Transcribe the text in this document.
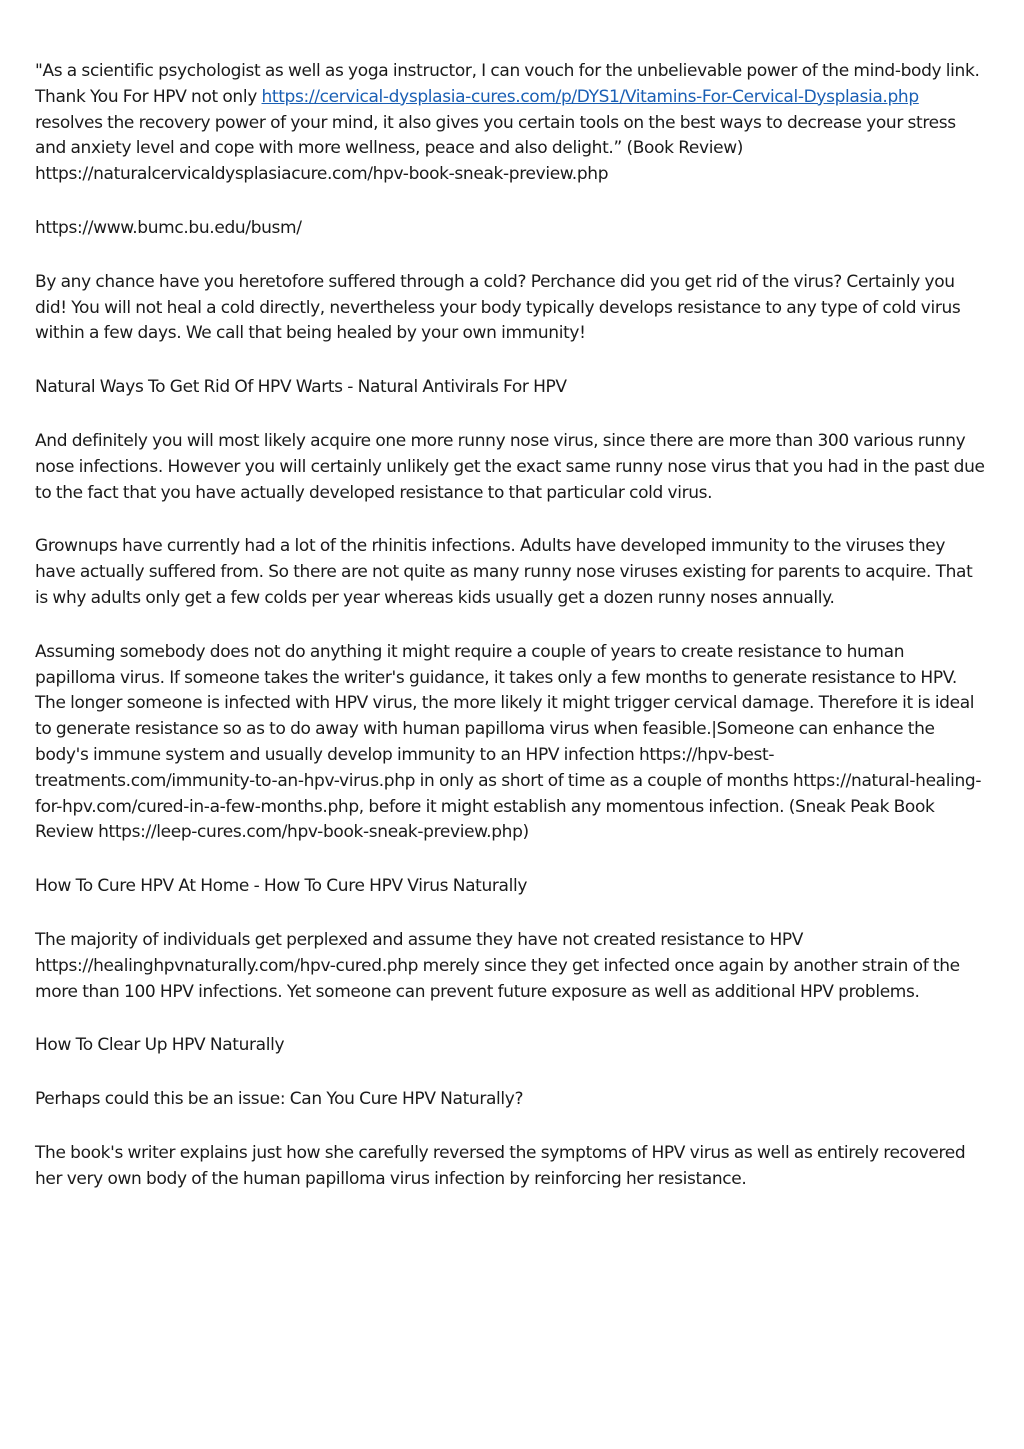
"As a scientific psychologist as well as yoga instructor, I can vouch for the unbelievable power of the mind-body link. Thank You For HPV not only https://cervical-dysplasia-cures.com/p/DYS1/Vitamins-For-Cervical-Dysplasia.php resolves the recovery power of your mind, it also gives you certain tools on the best ways to decrease your stress and anxiety level and cope with more wellness, peace and also delight.” (Book Review) https://naturalcervicaldysplasiacure.com/hpv-book-sneak-preview.php

https://www.bumc.bu.edu/busm/

By any chance have you heretofore suffered through a cold? Perchance did you get rid of the virus? Certainly you did! You will not heal a cold directly, nevertheless your body typically develops resistance to any type of cold virus within a few days. We call that being healed by your own immunity!

Natural Ways To Get Rid Of HPV Warts - Natural Antivirals For HPV

And definitely you will most likely acquire one more runny nose virus, since there are more than 300 various runny nose infections. However you will certainly unlikely get the exact same runny nose virus that you had in the past due to the fact that you have actually developed resistance to that particular cold virus.

Grownups have currently had a lot of the rhinitis infections. Adults have developed immunity to the viruses they have actually suffered from. So there are not quite as many runny nose viruses existing for parents to acquire. That is why adults only get a few colds per year whereas kids usually get a dozen runny noses annually.

Assuming somebody does not do anything it might require a couple of years to create resistance to human papilloma virus. If someone takes the writer's guidance, it takes only a few months to generate resistance to HPV. The longer someone is infected with HPV virus, the more likely it might trigger cervical damage. Therefore it is ideal to generate resistance so as to do away with human papilloma virus when feasible.|Someone can enhance the body's immune system and usually develop immunity to an HPV infection https://hpv-best-treatments.com/immunity-to-an-hpv-virus.php in only as short of time as a couple of months https://natural-healing-for-hpv.com/cured-in-a-few-months.php, before it might establish any momentous infection. (Sneak Peak Book Review https://leep-cures.com/hpv-book-sneak-preview.php)

How To Cure HPV At Home - How To Cure HPV Virus Naturally

The majority of individuals get perplexed and assume they have not created resistance to HPV https://healinghpvnaturally.com/hpv-cured.php merely since they get infected once again by another strain of the more than 100 HPV infections. Yet someone can prevent future exposure as well as additional HPV problems.

How To Clear Up HPV Naturally

Perhaps could this be an issue: Can You Cure HPV Naturally?

The book's writer explains just how she carefully reversed the symptoms of HPV virus as well as entirely recovered her very own body of the human papilloma virus infection by reinforcing her resistance.
